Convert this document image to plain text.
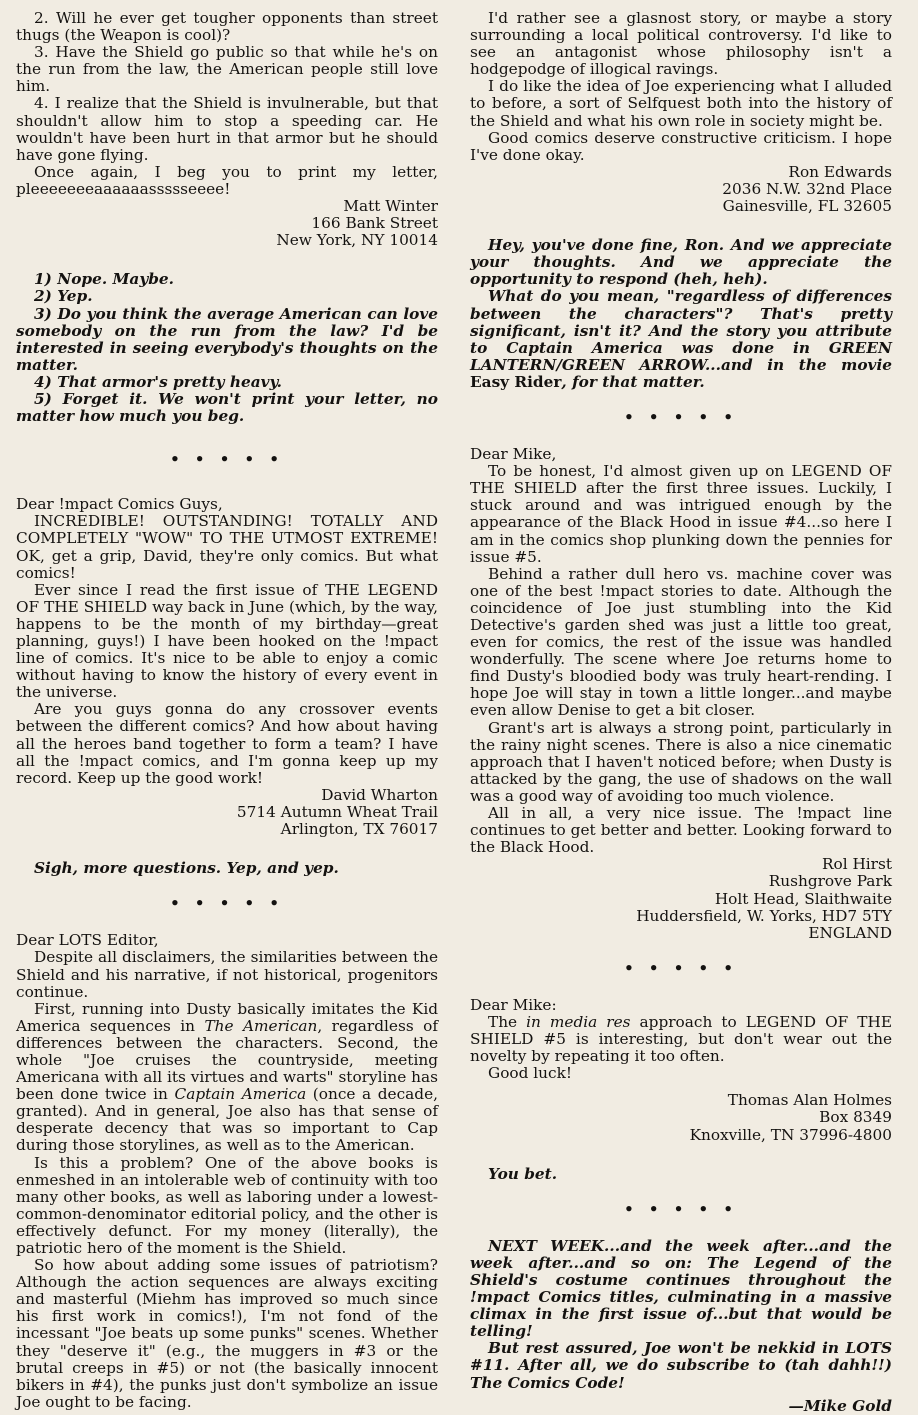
2. Will he ever get tougher opponents than street thugs (the Weapon is cool)?

3. Have the Shield go public so that while he's on the run from the law, the American people still love him.

4. I realize that the Shield is invulnerable, but that shouldn't allow him to stop a speeding car. He wouldn't have been hurt in that armor but he should have gone flying.

Once again, I beg you to print my letter, pleeeeeeeaaaaaassssseeee!

Matt Winter

166 Bank Street

New York, NY 10014

1) Nope. Maybe.

2) Yep.

3) Do you think the average American can love somebody on the run from the law? I'd be interested in seeing everybody's thoughts on the matter.

4) That armor's pretty heavy.

5) Forget it. We won't print your letter, no matter how much you beg.

• • • • •

Dear !mpact Comics Guys,

INCREDIBLE! OUTSTANDING! TOTALLY AND COMPLETELY "WOW" TO THE UTMOST EXTREME! OK, get a grip, David, they're only comics. But what comics!

Ever since I read the first issue of THE LEGEND OF THE SHIELD way back in June (which, by the way, happens to be the month of my birthday—great planning, guys!) I have been hooked on the !mpact line of comics. It's nice to be able to enjoy a comic without having to know the history of every event in the universe.

Are you guys gonna do any crossover events between the different comics? And how about having all the heroes band together to form a team? I have all the !mpact comics, and I'm gonna keep up my record. Keep up the good work!

David Wharton

5714 Autumn Wheat Trail

Arlington, TX 76017

Sigh, more questions. Yep, and yep.

• • • • •

Dear LOTS Editor,

Despite all disclaimers, the similarities between the Shield and his narrative, if not historical, progenitors continue.

First, running into Dusty basically imitates the Kid America sequences in The American, regardless of differences between the characters. Second, the whole "Joe cruises the countryside, meeting Americana with all its virtues and warts" storyline has been done twice in Captain America (once a decade, granted). And in general, Joe also has that sense of desperate decency that was so important to Cap during those storylines, as well as to the American.

Is this a problem? One of the above books is enmeshed in an intolerable web of continuity with too many other books, as well as laboring under a lowest-common-denominator editorial policy, and the other is effectively defunct. For my money (literally), the patriotic hero of the moment is the Shield.

So how about adding some issues of patriotism? Although the action sequences are always exciting and masterful (Miehm has improved so much since his first work in comics!), I'm not fond of the incessant "Joe beats up some punks" scenes. Whether they "deserve it" (e.g., the muggers in #3 or the brutal creeps in #5) or not (the basically innocent bikers in #4), the punks just don't symbolize an issue Joe ought to be facing.

I'd rather see a glasnost story, or maybe a story surrounding a local political controversy. I'd like to see an antagonist whose philosophy isn't a hodgepodge of illogical ravings.

I do like the idea of Joe experiencing what I alluded to before, a sort of Selfquest both into the history of the Shield and what his own role in society might be.

Good comics deserve constructive criticism. I hope I've done okay.

Ron Edwards

2036 N.W. 32nd Place

Gainesville, FL 32605

Hey, you've done fine, Ron. And we appreciate your thoughts. And we appreciate the opportunity to respond (heh, heh).

What do you mean, "regardless of differences between the characters"? That's pretty significant, isn't it? And the story you attribute to Captain America was done in GREEN LANTERN/GREEN ARROW...and in the movie Easy Rider, for that matter.

• • • • •

Dear Mike,

To be honest, I'd almost given up on LEGEND OF THE SHIELD after the first three issues. Luckily, I stuck around and was intrigued enough by the appearance of the Black Hood in issue #4...so here I am in the comics shop plunking down the pennies for issue #5.

Behind a rather dull hero vs. machine cover was one of the best !mpact stories to date. Although the coincidence of Joe just stumbling into the Kid Detective's garden shed was just a little too great, even for comics, the rest of the issue was handled wonderfully. The scene where Joe returns home to find Dusty's bloodied body was truly heart-rending. I hope Joe will stay in town a little longer...and maybe even allow Denise to get a bit closer.

Grant's art is always a strong point, particularly in the rainy night scenes. There is also a nice cinematic approach that I haven't noticed before; when Dusty is attacked by the gang, the use of shadows on the wall was a good way of avoiding too much violence.

All in all, a very nice issue. The !mpact line continues to get better and better. Looking forward to the Black Hood.

Rol Hirst

Rushgrove Park

Holt Head, Slaithwaite

Huddersfield, W. Yorks, HD7 5TY

ENGLAND

• • • • •

Dear Mike:

The in media res approach to LEGEND OF THE SHIELD #5 is interesting, but don't wear out the novelty by repeating it too often.

Good luck!

Thomas Alan Holmes

Box 8349

Knoxville, TN 37996-4800

You bet.

• • • • •

NEXT WEEK...and the week after...and the week after...and so on: The Legend of the Shield's costume continues throughout the !mpact Comics titles, culminating in a massive climax in the first issue of...but that would be telling!

But rest assured, Joe won't be nekkid in LOTS #11. After all, we do subscribe to (tah dahh!!) The Comics Code!

—Mike Gold
